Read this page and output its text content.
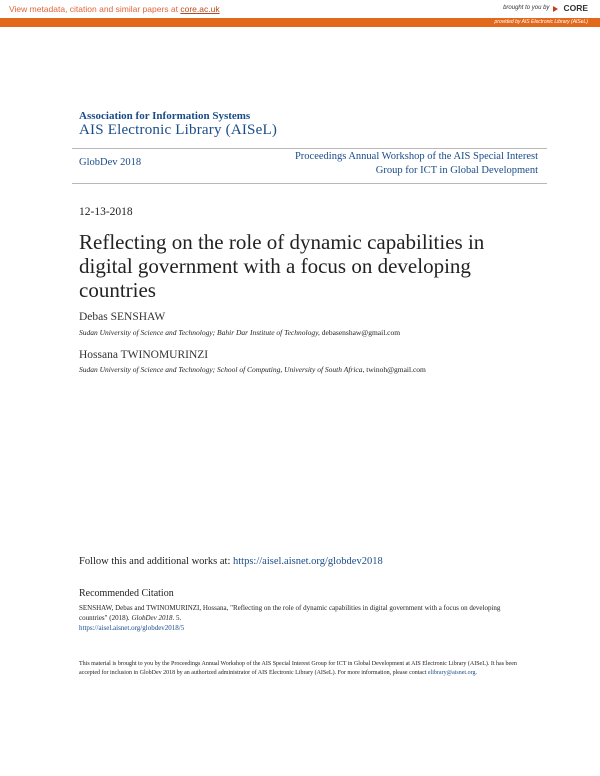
View metadata, citation and similar papers at core.ac.uk	brought to you by CORE
provided by AIS Electronic Library (AISeL)
Association for Information Systems
AIS Electronic Library (AISeL)
GlobDev 2018
Proceedings Annual Workshop of the AIS Special Interest Group for ICT in Global Development
12-13-2018
Reflecting on the role of dynamic capabilities in digital government with a focus on developing countries
Debas SENSHAW
Sudan University of Science and Technology; Bahir Dar Institute of Technology, debasenshaw@gmail.com
Hossana TWINOMURINZI
Sudan University of Science and Technology; School of Computing, University of South Africa, twinoh@gmail.com
Follow this and additional works at: https://aisel.aisnet.org/globdev2018
Recommended Citation
SENSHAW, Debas and TWINOMURINZI, Hossana, "Reflecting on the role of dynamic capabilities in digital government with a focus on developing countries" (2018). GlobDev 2018. 5.
https://aisel.aisnet.org/globdev2018/5
This material is brought to you by the Proceedings Annual Workshop of the AIS Special Interest Group for ICT in Global Development at AIS Electronic Library (AISeL). It has been accepted for inclusion in GlobDev 2018 by an authorized administrator of AIS Electronic Library (AISeL). For more information, please contact elibrary@aisnet.org.
